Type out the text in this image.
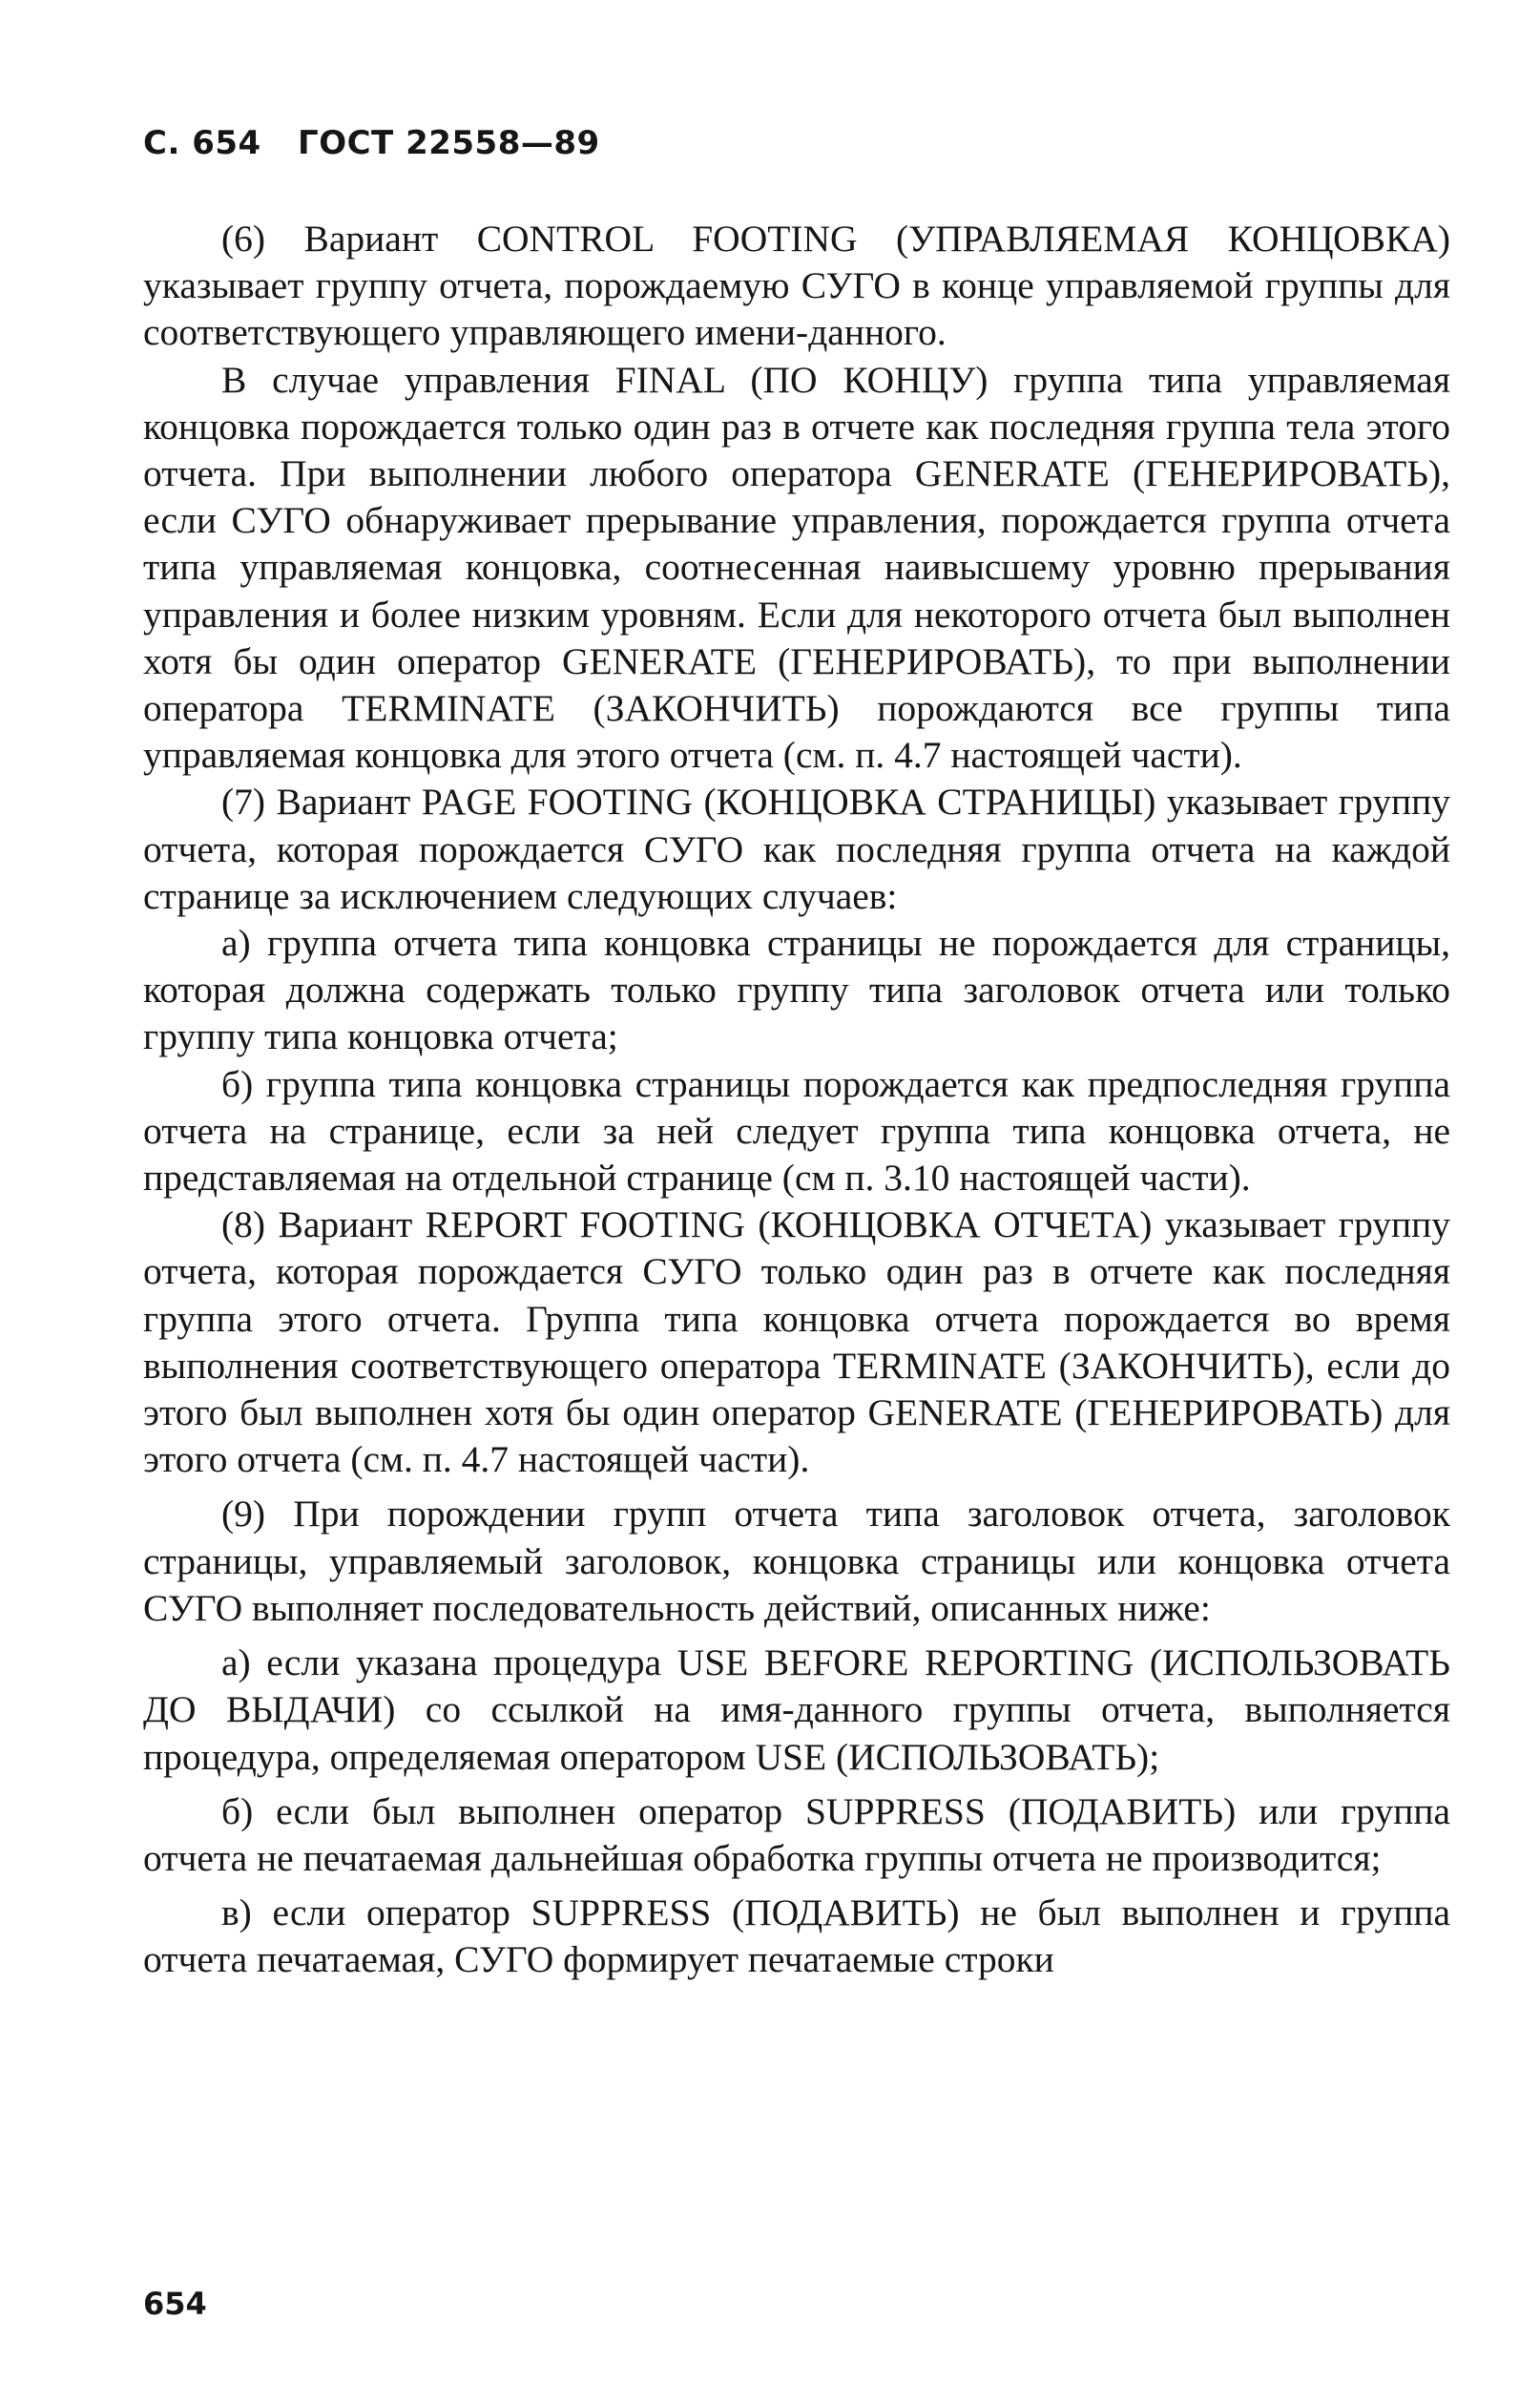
С. 654 ГОСТ 22558—89

(6) Вариант CONTROL FOOTING (УПРАВЛЯЕМАЯ КОНЦОВКА) указывает группу отчета, порождаемую СУГО в конце управляемой группы для соответствующего управляющего имени-данного.

В случае управления FINAL (ПО КОНЦУ) группа типа управляемая концовка порождается только один раз в отчете как последняя группа тела этого отчета. При выполнении любого оператора GENERATE (ГЕНЕРИРОВАТЬ), если СУГО обнаруживает прерывание управления, порождается группа отчета типа управляемая концовка, соотнесенная наивысшему уровню прерывания управления и более низким уровням. Если для некоторого отчета был выполнен хотя бы один оператор GENERATE (ГЕНЕРИРОВАТЬ), то при выполнении оператора TERMINATE (ЗАКОНЧИТЬ) порождаются все группы типа управляемая концовка для этого отчета (см. п. 4.7 настоящей части).

(7) Вариант PAGE FOOTING (КОНЦОВКА СТРАНИЦЫ) указывает группу отчета, которая порождается СУГО как последняя группа отчета на каждой странице за исключением следующих случаев:

а) группа отчета типа концовка страницы не порождается для страницы, которая должна содержать только группу типа заголовок отчета или только группу типа концовка отчета;

б) группа типа концовка страницы порождается как предпоследняя группа отчета на странице, если за ней следует группа типа концовка отчета, не представляемая на отдельной странице (см п. 3.10 настоящей части).

(8) Вариант REPORT FOOTING (КОНЦОВКА ОТЧЕТА) указывает группу отчета, которая порождается СУГО только один раз в отчете как последняя группа этого отчета. Группа типа концовка отчета порождается во время выполнения соответствующего оператора TERMINATE (ЗАКОНЧИТЬ), если до этого был выполнен хотя бы один оператор GENERATE (ГЕНЕРИРОВАТЬ) для этого отчета (см. п. 4.7 настоящей части).

(9) При порождении групп отчета типа заголовок отчета, заголовок страницы, управляемый заголовок, концовка страницы или концовка отчета СУГО выполняет последовательность действий, описанных ниже:

а) если указана процедура USE BEFORE REPORTING (ИСПОЛЬЗОВАТЬ ДО ВЫДАЧИ) со ссылкой на имя-данного группы отчета, выполняется процедура, определяемая оператором USE (ИСПОЛЬЗОВАТЬ);

б) если был выполнен оператор SUPPRESS (ПОДАВИТЬ) или группа отчета не печатаемая дальнейшая обработка группы отчета не производится;

в) если оператор SUPPRESS (ПОДАВИТЬ) не был выполнен и группа отчета печатаемая, СУГО формирует печатаемые строки

654
